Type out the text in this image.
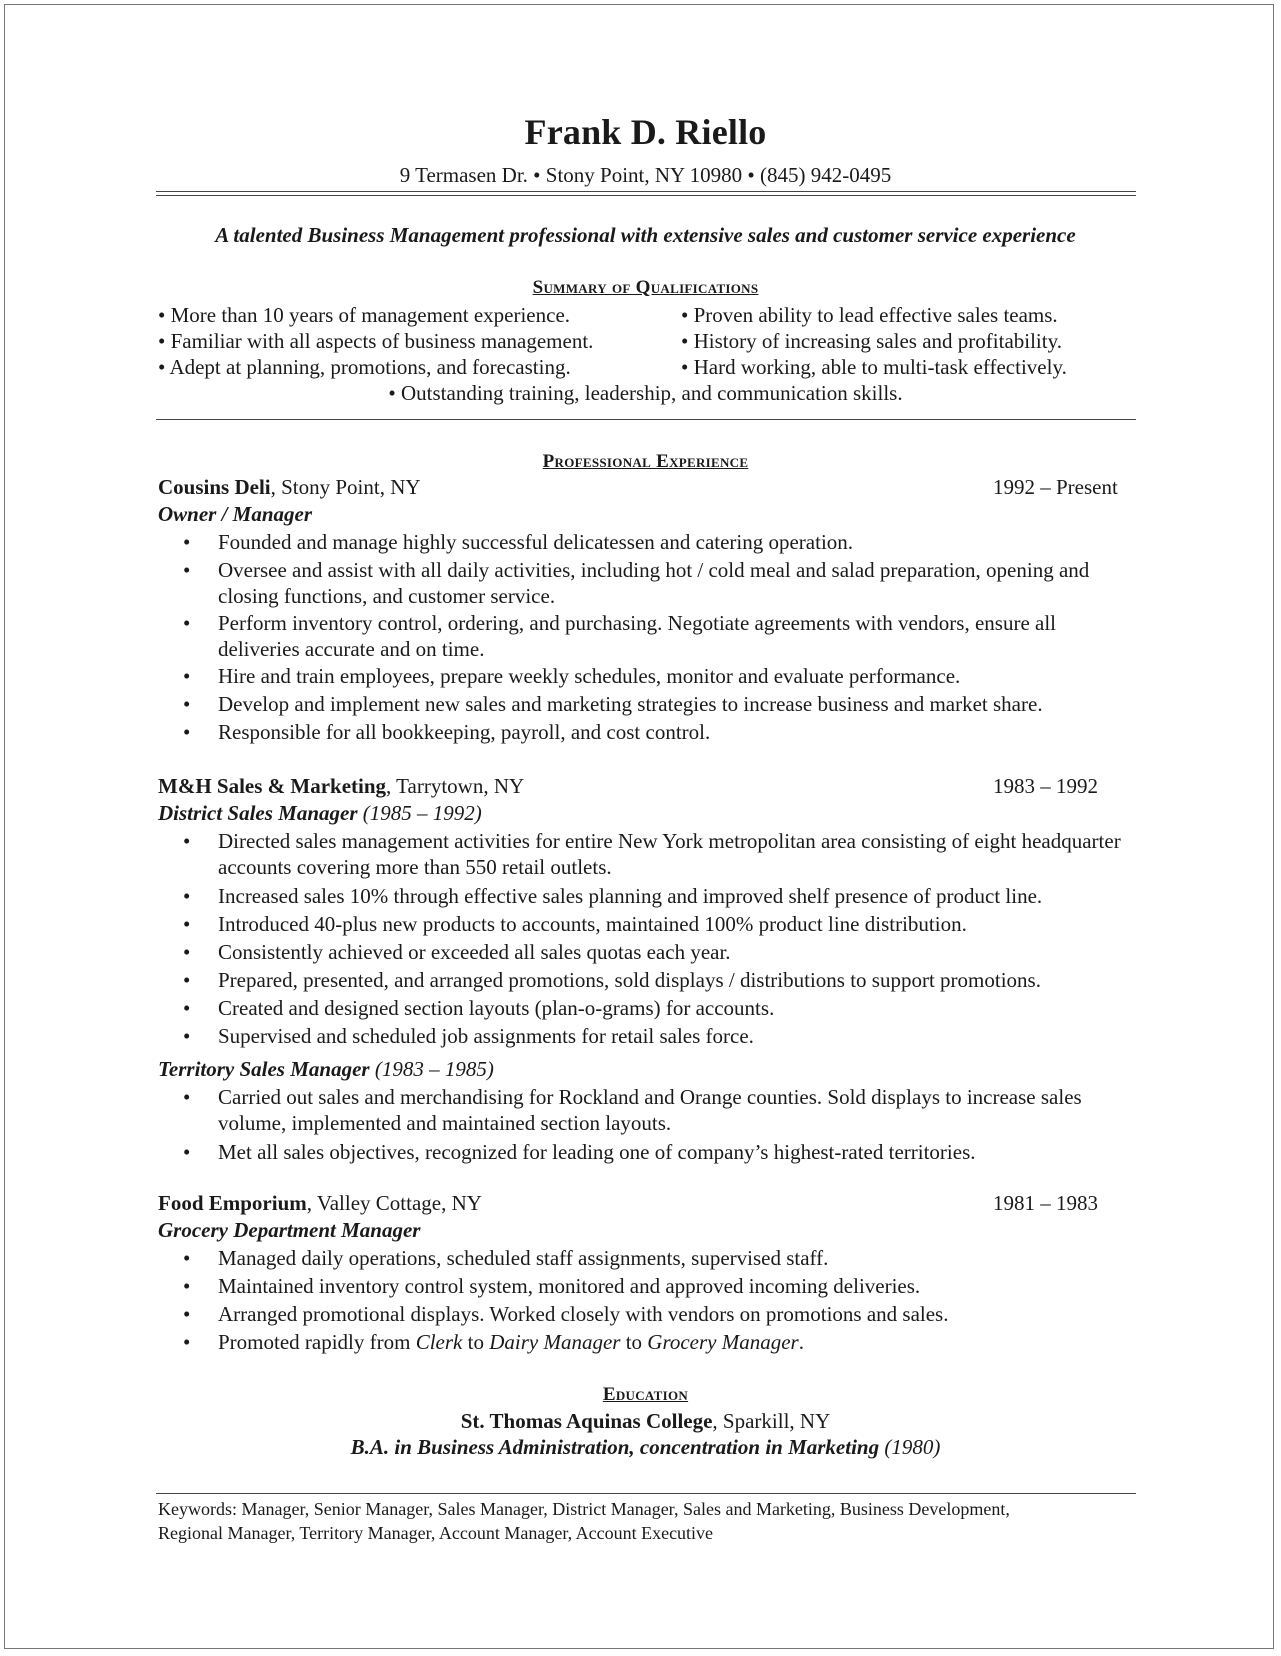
Frank D. Riello
9 Termasen Dr. • Stony Point, NY 10980 • (845) 942-0495
A talented Business Management professional with extensive sales and customer service experience
Summary of Qualifications
• More than 10 years of management experience.
• Familiar with all aspects of business management.
• Adept at planning, promotions, and forecasting.
• Proven ability to lead effective sales teams.
• History of increasing sales and profitability.
• Hard working, able to multi-task effectively.
• Outstanding training, leadership, and communication skills.
Professional Experience
Cousins Deli, Stony Point, NY	1992 – Present
Owner / Manager
• Founded and manage highly successful delicatessen and catering operation.
• Oversee and assist with all daily activities, including hot / cold meal and salad preparation, opening and closing functions, and customer service.
• Perform inventory control, ordering, and purchasing. Negotiate agreements with vendors, ensure all deliveries accurate and on time.
• Hire and train employees, prepare weekly schedules, monitor and evaluate performance.
• Develop and implement new sales and marketing strategies to increase business and market share.
• Responsible for all bookkeeping, payroll, and cost control.
M&H Sales & Marketing, Tarrytown, NY	1983 – 1992
District Sales Manager (1985 – 1992)
• Directed sales management activities for entire New York metropolitan area consisting of eight headquarter accounts covering more than 550 retail outlets.
• Increased sales 10% through effective sales planning and improved shelf presence of product line.
• Introduced 40-plus new products to accounts, maintained 100% product line distribution.
• Consistently achieved or exceeded all sales quotas each year.
• Prepared, presented, and arranged promotions, sold displays / distributions to support promotions.
• Created and designed section layouts (plan-o-grams) for accounts.
• Supervised and scheduled job assignments for retail sales force.
Territory Sales Manager (1983 – 1985)
• Carried out sales and merchandising for Rockland and Orange counties. Sold displays to increase sales volume, implemented and maintained section layouts.
• Met all sales objectives, recognized for leading one of company’s highest-rated territories.
Food Emporium, Valley Cottage, NY	1981 – 1983
Grocery Department Manager
• Managed daily operations, scheduled staff assignments, supervised staff.
• Maintained inventory control system, monitored and approved incoming deliveries.
• Arranged promotional displays. Worked closely with vendors on promotions and sales.
• Promoted rapidly from Clerk to Dairy Manager to Grocery Manager.
Education
St. Thomas Aquinas College, Sparkill, NY
B.A. in Business Administration, concentration in Marketing (1980)
Keywords: Manager, Senior Manager, Sales Manager, District Manager, Sales and Marketing, Business Development, Regional Manager, Territory Manager, Account Manager, Account Executive
